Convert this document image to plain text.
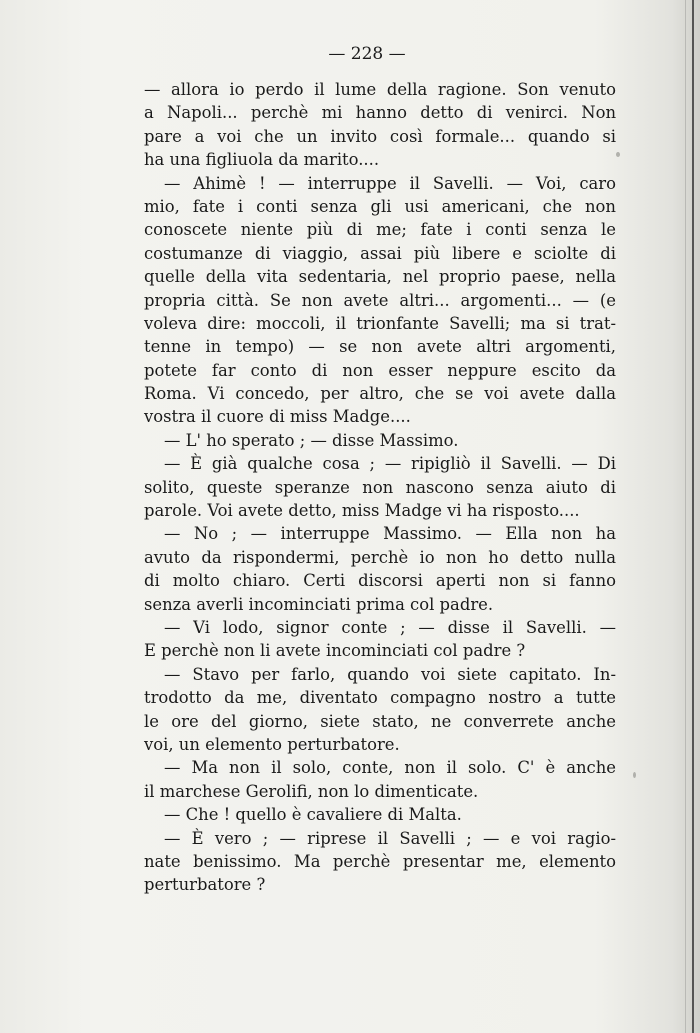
— 228 —
— allora io perdo il lume della ragione. Son venuto
a Napoli... perchè mi hanno detto di venirci. Non
pare a voi che un invito così formale... quando si
ha una figliuola da marito....
— Ahimè ! — interruppe il Savelli. — Voi, caro
mio, fate i conti senza gli usi americani, che non
conoscete niente più di me; fate i conti senza le
costumanze di viaggio, assai più libere e sciolte di
quelle della vita sedentaria, nel proprio paese, nella
propria città. Se non avete altri... argomenti... — (e
voleva dire: moccoli, il trionfante Savelli; ma si trat-
tenne in tempo) — se non avete altri argomenti,
potete far conto di non esser neppure escito da
Roma. Vi concedo, per altro, che se voi avete dalla
vostra il cuore di miss Madge....
— L' ho sperato ; — disse Massimo.
— È già qualche cosa ; — ripigliò il Savelli. — Di
solito, queste speranze non nascono senza aiuto di
parole. Voi avete detto, miss Madge vi ha risposto....
— No ; — interruppe Massimo. — Ella non ha
avuto da rispondermi, perchè io non ho detto nulla
di molto chiaro. Certi discorsi aperti non si fanno
senza averli incominciati prima col padre.
— Vi lodo, signor conte ; — disse il Savelli. —
E perchè non li avete incominciati col padre ?
— Stavo per farlo, quando voi siete capitato. In-
trodotto da me, diventato compagno nostro a tutte
le ore del giorno, siete stato, ne converrete anche
voi, un elemento perturbatore.
— Ma non il solo, conte, non il solo. C' è anche
il marchese Gerolifi, non lo dimenticate.
— Che ! quello è cavaliere di Malta.
— È vero ; — riprese il Savelli ; — e voi ragio-
nate benissimo. Ma perchè presentar me, elemento
perturbatore ?
